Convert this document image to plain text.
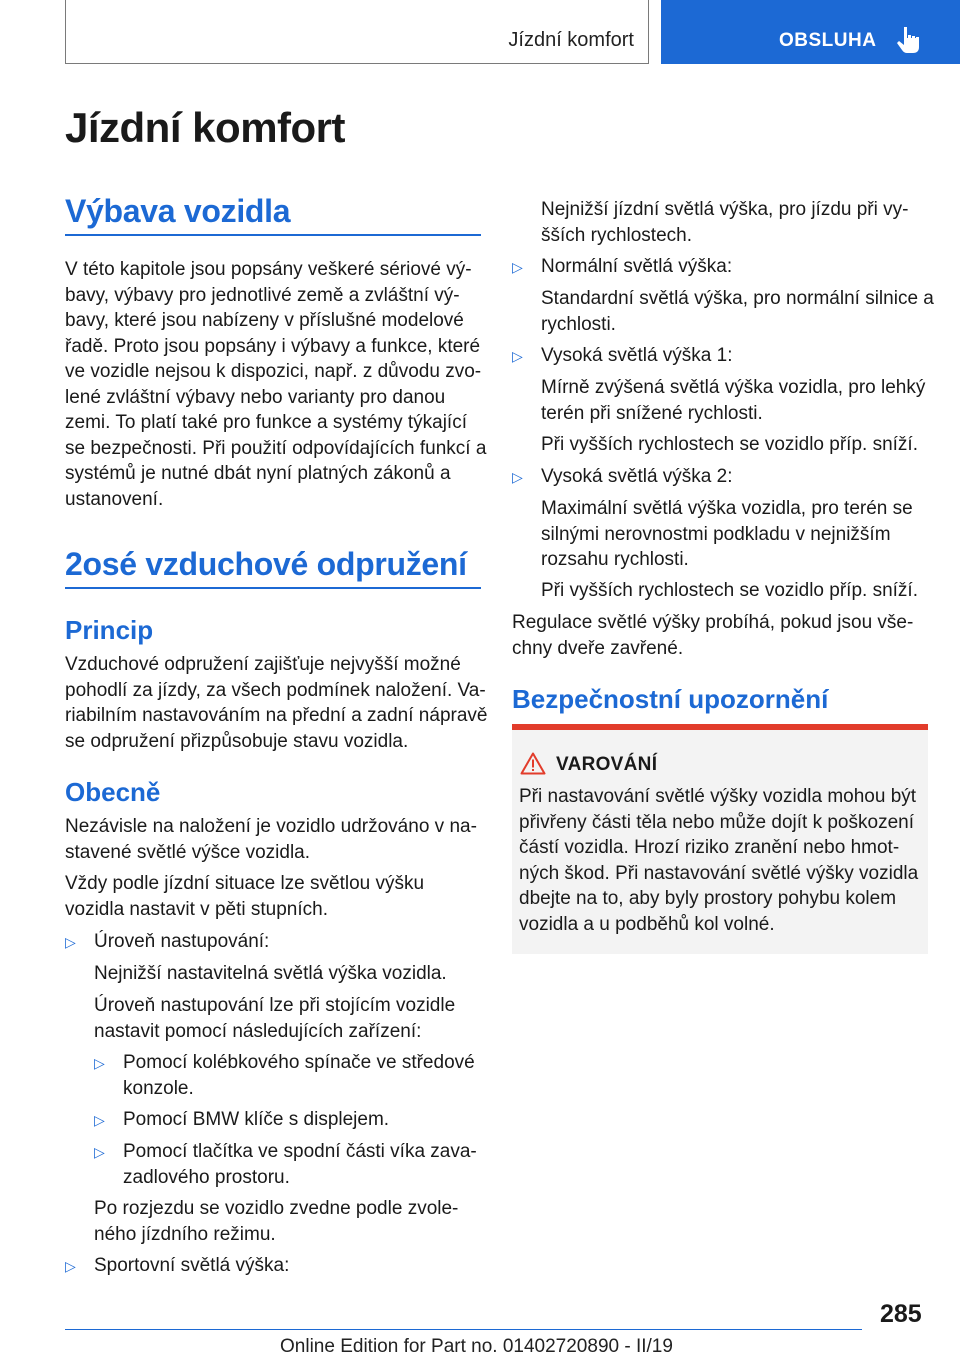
Jízdní komfort	OBSLUHA
Jízdní komfort
Výbava vozidla
V této kapitole jsou popsány veškeré sériové vý‐
bavy, výbavy pro jednotlivé země a zvláštní vý‐
bavy, které jsou nabízeny v příslušné modelové
řadě. Proto jsou popsány i výbavy a funkce, které
ve vozidle nejsou k dispozici, např. z důvodu zvo‐
lené zvláštní výbavy nebo varianty pro danou
zemi. To platí také pro funkce a systémy týkající
se bezpečnosti. Při použití odpovídajících funkcí a
systémů je nutné dbát nyní platných zákonů a
ustanovení.
2osé vzduchové odpružení
Princip
Vzduchové odpružení zajišťuje nejvyšší možné
pohodlí za jízdy, za všech podmínek naložení. Va‐
riabilním nastavováním na přední a zadní nápravě
se odpružení přizpůsobuje stavu vozidla.
Obecně
Nezávisle na naložení je vozidlo udržováno v na‐
stavené světlé výšce vozidla.
Vždy podle jízdní situace lze světlou výšku
vozidla nastavit v pěti stupních.
▷ Úroveň nastupování:
Nejnižší nastavitelná světlá výška vozidla.
Úroveň nastupování lze při stojícím vozidle
nastavit pomocí následujících zařízení:
▷ Pomocí kolébkového spínače ve středové
konzole.
▷ Pomocí BMW klíče s displejem.
▷ Pomocí tlačítka ve spodní části víka zava‐
zadlového prostoru.
Po rozjezdu se vozidlo zvedne podle zvole‐
ného jízdního režimu.
▷ Sportovní světlá výška:
Nejnižší jízdní světlá výška, pro jízdu při vy‐
šších rychlostech.
▷ Normální světlá výška:
Standardní světlá výška, pro normální silnice a
rychlosti.
▷ Vysoká světlá výška 1:
Mírně zvýšená světlá výška vozidla, pro lehký
terén při snížené rychlosti.
Při vyšších rychlostech se vozidlo příp. sníží.
▷ Vysoká světlá výška 2:
Maximální světlá výška vozidla, pro terén se
silnými nerovnostmi podkladu v nejnižším
rozsahu rychlosti.
Při vyšších rychlostech se vozidlo příp. sníží.
Regulace světlé výšky probíhá, pokud jsou vše‐
chny dveře zavřené.
Bezpečnostní upozornění
VAROVÁNÍ
Při nastavování světlé výšky vozidla mohou být
přivřeny části těla nebo může dojít k poškození
částí vozidla. Hrozí riziko zranění nebo hmot‐
ných škod. Při nastavování světlé výšky vozidla
dbejte na to, aby byly prostory pohybu kolem
vozidla a u podběhů kol volné.
285
Online Edition for Part no. 01402720890 - II/19
